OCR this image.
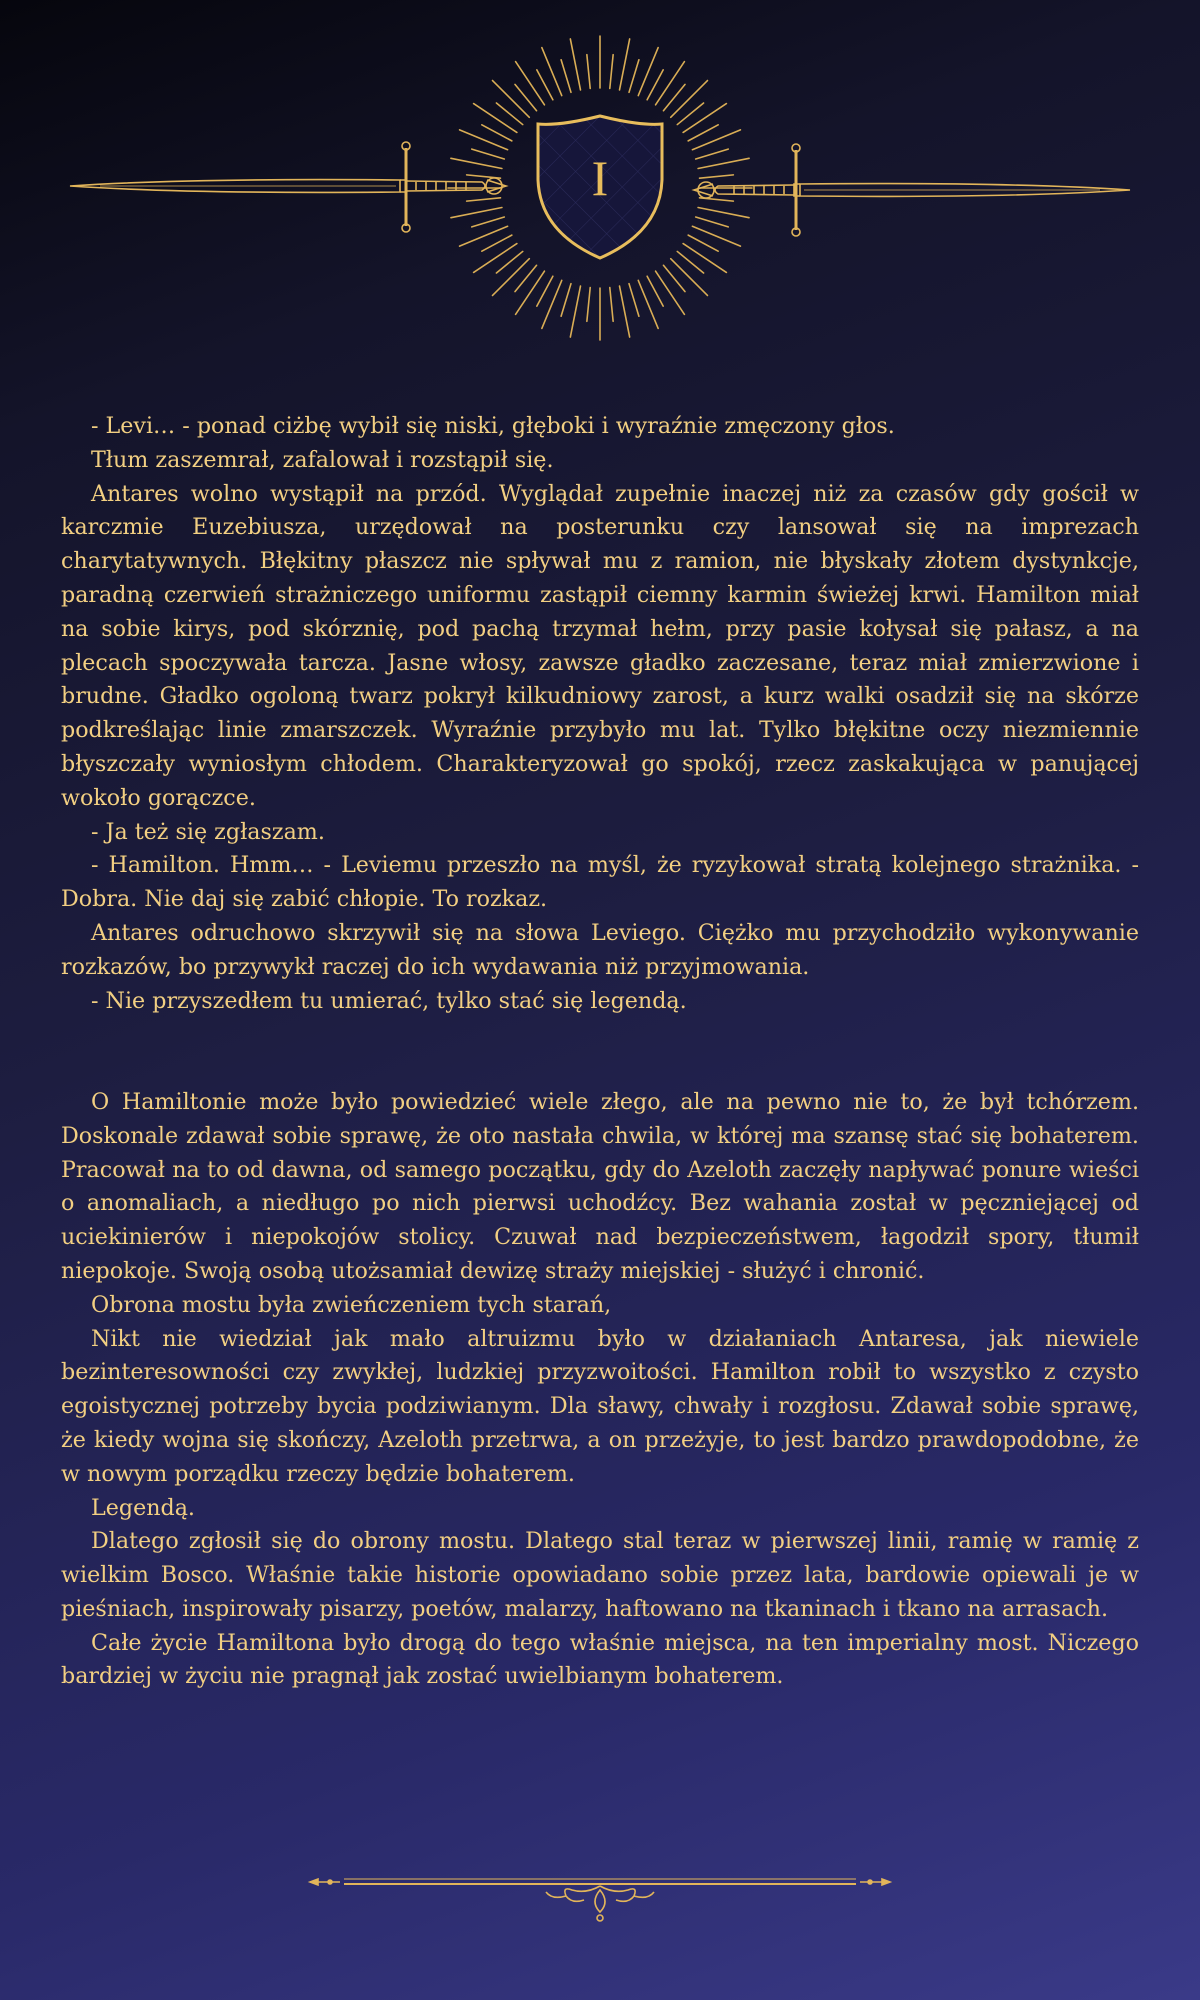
I

- Levi… - ponad ciżbę wybił się niski, głęboki i wyraźnie zmęczony głos.

Tłum zaszemrał, zafalował i rozstąpił się.

Antares wolno wystąpił na przód. Wyglądał zupełnie inaczej niż za czasów gdy gościł w karczmie Euzebiusza, urzędował na posterunku czy lansował się na imprezach charytatywnych. Błękitny płaszcz nie spływał mu z ramion, nie błyskały złotem dystynkcje, paradną czerwień strażniczego uniformu zastąpił ciemny karmin świeżej krwi. Hamilton miał na sobie kirys, pod skórznię, pod pachą trzymał hełm, przy pasie kołysał się pałasz, a na plecach spoczywała tarcza. Jasne włosy, zawsze gładko zaczesane, teraz miał zmierzwione i brudne. Gładko ogoloną twarz pokrył kilkudniowy zarost, a kurz walki osadził się na skórze podkreślając linie zmarszczek. Wyraźnie przybyło mu lat. Tylko błękitne oczy niezmiennie błyszczały wyniosłym chłodem. Charakteryzował go spokój, rzecz zaskakująca w panującej wokoło gorączce.

- Ja też się zgłaszam.

- Hamilton. Hmm… - Leviemu przeszło na myśl, że ryzykował stratą kolejnego strażnika. - Dobra. Nie daj się zabić chłopie. To rozkaz.

Antares odruchowo skrzywił się na słowa Leviego. Ciężko mu przychodziło wykonywanie rozkazów, bo przywykł raczej do ich wydawania niż przyjmowania.

- Nie przyszedłem tu umierać, tylko stać się legendą.

O Hamiltonie może było powiedzieć wiele złego, ale na pewno nie to, że był tchórzem. Doskonale zdawał sobie sprawę, że oto nastała chwila, w której ma szansę stać się bohaterem. Pracował na to od dawna, od samego początku, gdy do Azeloth zaczęły napływać ponure wieści o anomaliach, a niedługo po nich pierwsi uchodźcy. Bez wahania został w pęczniejącej od uciekinierów i niepokojów stolicy. Czuwał nad bezpieczeństwem, łagodził spory, tłumił niepokoje. Swoją osobą utożsamiał dewizę straży miejskiej - służyć i chronić.

Obrona mostu była zwieńczeniem tych starań,

Nikt nie wiedział jak mało altruizmu było w działaniach Antaresa, jak niewiele bezinteresowności czy zwykłej, ludzkiej przyzwoitości. Hamilton robił to wszystko z czysto egoistycznej potrzeby bycia podziwianym. Dla sławy, chwały i rozgłosu. Zdawał sobie sprawę, że kiedy wojna się skończy, Azeloth przetrwa, a on przeżyje, to jest bardzo prawdopodobne, że w nowym porządku rzeczy będzie bohaterem.

Legendą.

Dlatego zgłosił się do obrony mostu. Dlatego stal teraz w pierwszej linii, ramię w ramię z wielkim Bosco. Właśnie takie historie opowiadano sobie przez lata, bardowie opiewali je w pieśniach, inspirowały pisarzy, poetów, malarzy, haftowano na tkaninach i tkano na arrasach.

Całe życie Hamiltona było drogą do tego właśnie miejsca, na ten imperialny most. Niczego bardziej w życiu nie pragnął jak zostać uwielbianym bohaterem.
